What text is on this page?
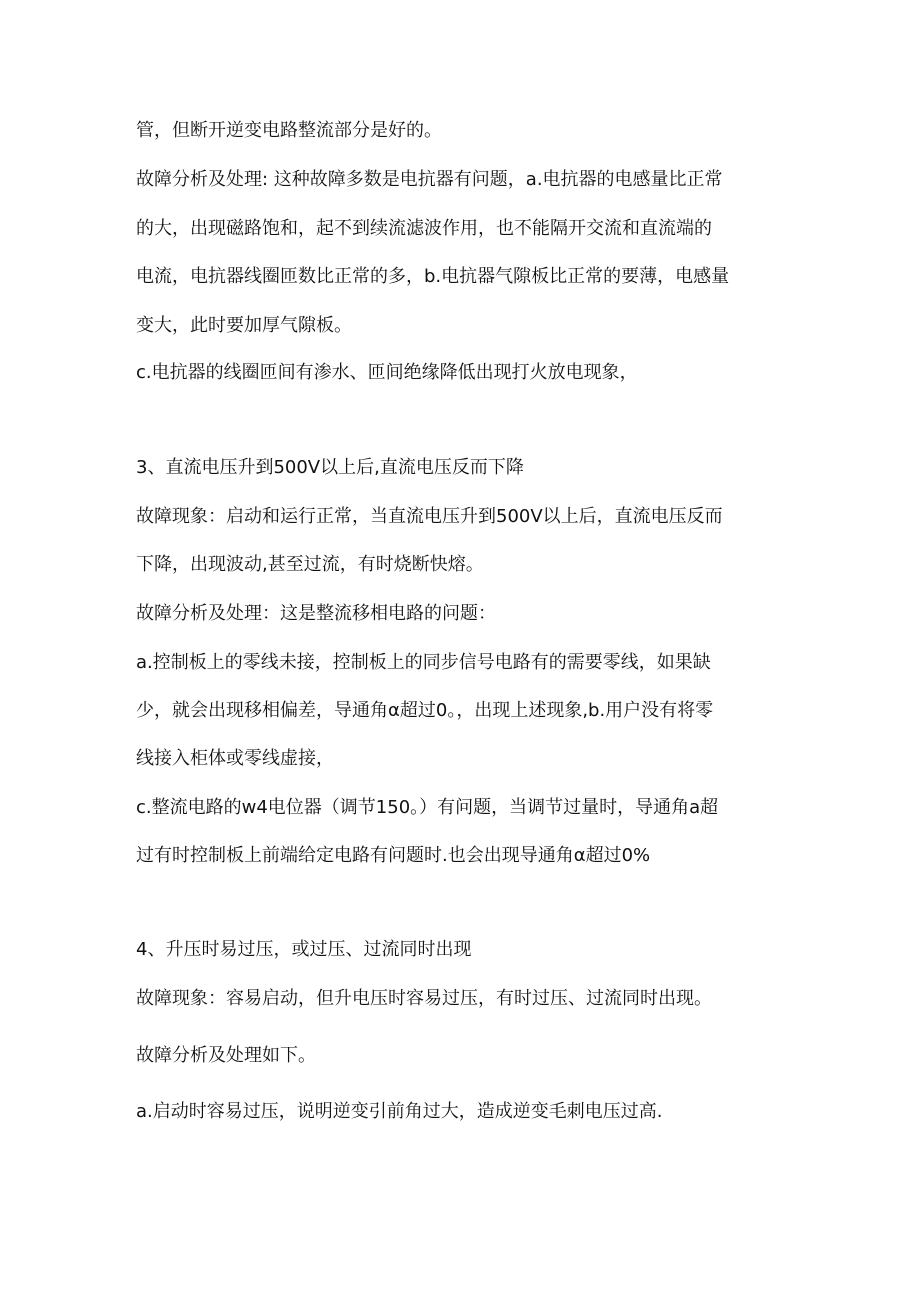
管，但断开逆变电路整流部分是好的。
故障分析及处理: 这种故障多数是电抗器有问题，a.电抗器的电感量比正常
的大，出现磁路饱和，起不到续流滤波作用，也不能隔开交流和直流端的
电流，电抗器线圈匝数比正常的多，b.电抗器气隙板比正常的要薄，电感量
变大，此时要加厚气隙板。
c.电抗器的线圈匝间有渗水、匝间绝缘降低出现打火放电现象，
3、直流电压升到500V以上后,直流电压反而下降
故障现象：启动和运行正常，当直流电压升到500V以上后，直流电压反而
下降，出现波动,甚至过流，有时烧断快熔。
故障分析及处理：这是整流移相电路的问题：
a.控制板上的零线未接，控制板上的同步信号电路有的需要零线，如果缺
少，就会出现移相偏差，导通角α超过0。，出现上述现象,b.用户没有将零
线接入柜体或零线虚接，
c.整流电路的w4电位器（调节150。）有问题，当调节过量时，导通角a超
过有时控制板上前端给定电路有问题时.也会出现导通角α超过0%
4、升压时易过压，或过压、过流同时出现
故障现象：容易启动，但升电压时容易过压，有时过压、过流同时出现。
故障分析及处理如下。
a.启动时容易过压，说明逆变引前角过大，造成逆变毛刺电压过高.
